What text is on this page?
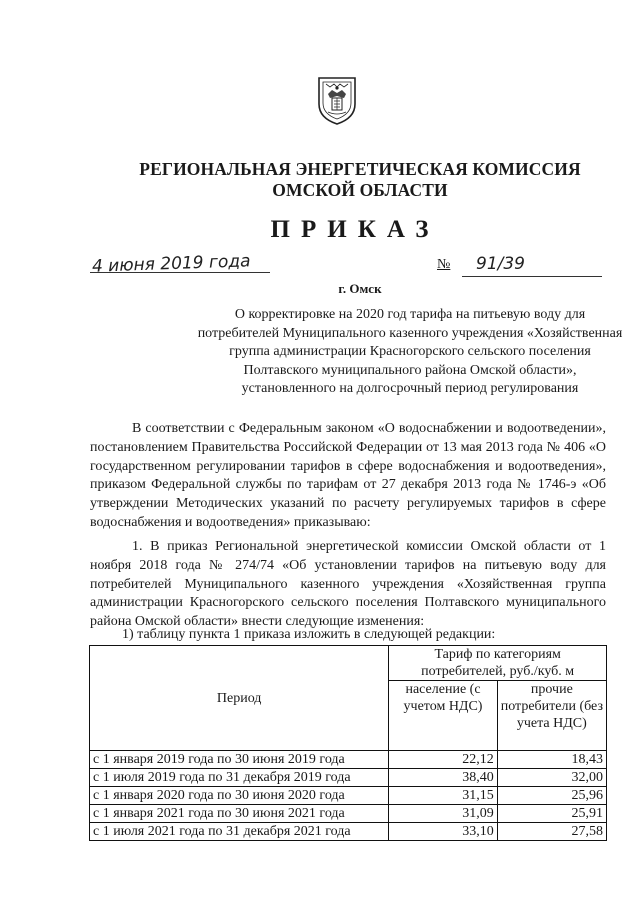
РЕГИОНАЛЬНАЯ ЭНЕРГЕТИЧЕСКАЯ КОМИССИЯ
ОМСКОЙ ОБЛАСТИ
ПРИКАЗ
4 июня 2019 года	№ 91/39
г. Омск
О корректировке на 2020 год тарифа на питьевую воду для
потребителей Муниципального казенного учреждения «Хозяйственная
группа администрации Красногорского сельского поселения
Полтавского муниципального района Омской области»,
установленного на долгосрочный период регулирования
В соответствии с Федеральным законом «О водоснабжении и водоотведении», постановлением Правительства Российской Федерации от 13 мая 2013 года № 406 «О государственном регулировании тарифов в сфере водоснабжения и водоотведения», приказом Федеральной службы по тарифам от 27 декабря 2013 года № 1746-э «Об утверждении Методических указаний по расчету регулируемых тарифов в сфере водоснабжения и водоотведения» приказываю:
1. В приказ Региональной энергетической комиссии Омской области от 1 ноября 2018 года № 274/74 «Об установлении тарифов на питьевую воду для потребителей Муниципального казенного учреждения «Хозяйственная группа администрации Красногорского сельского поселения Полтавского муниципального района Омской области» внести следующие изменения:
1) таблицу пункта 1 приказа изложить в следующей редакции:
Период	Тариф по категориям потребителей, руб./куб. м	
	население (с учетом НДС)	прочие потребители (без учета НДС)
с 1 января 2019 года по 30 июня 2019 года	22,12	18,43
с 1 июля 2019 года по 31 декабря 2019 года	38,40	32,00
с 1 января 2020 года по 30 июня 2020 года	31,15	25,96
с 1 января 2021 года по 30 июня 2021 года	31,09	25,91
с 1 июля 2021 года по 31 декабря 2021 года	33,10	27,58
